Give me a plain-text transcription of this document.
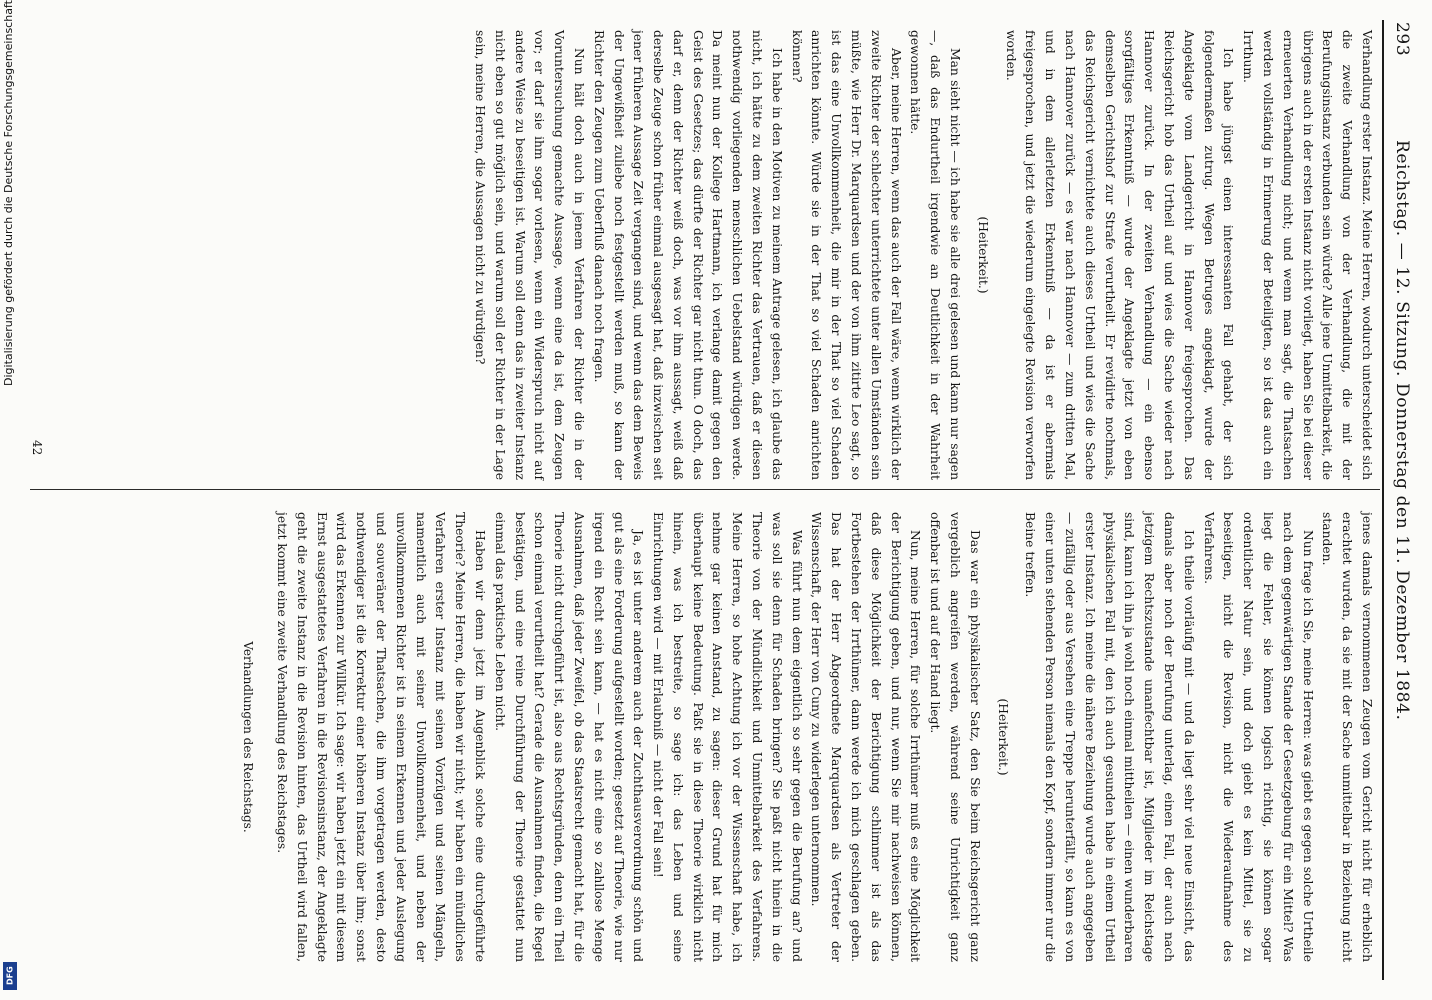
293
Reichstag. — 12. Sitzung. Donnerstag den 11. Dezember 1884.

Verhandlung erster Instanz. Meine Herren, wodurch unterscheidet sich die zweite Verhandlung von der Verhandlung, die mit der Berufungsinstanz verbunden sein würde? Alle jene Unmittelbarkeit, die übrigens auch in der ersten Instanz nicht vorliegt, haben Sie bei dieser erneuerten Verhandlung nicht; und wenn man sagt, die Thatsachen werden vollständig in Erinnerung der Beteiligten, so ist das auch ein Irrthum.

Ich habe jüngst einen interessanten Fall gehabt, der sich folgendermaßen zutrug. Wegen Betruges angeklagt, wurde der Angeklagte vom Landgericht in Hannover freigesprochen. Das Reichsgericht hob das Urtheil auf und wies die Sache wieder nach Hannover zurück. In der zweiten Verhandlung — ein ebenso sorgfältiges Erkenntniß — wurde der Angeklagte jetzt von eben demselben Gerichtshof zur Strafe verurtheilt. Er revidirte nochmals, das Reichsgericht vernichtete auch dieses Urtheil und wies die Sache nach Hannover zurück — es war nach Hannover — zum dritten Mal, und in dem allerletzten Erkenntniß — da ist er abermals freigesprochen, und jetzt die wiederum eingelegte Revision verworfen worden.

(Heiterkeit.)

Man sieht nicht — ich habe sie alle drei gelesen und kann nur sagen —, daß das Endurtheil irgendwie an Deutlichkeit in der Wahrheit gewonnen hätte.

Aber, meine Herren, wenn das auch der Fall wäre, wenn wirklich der zweite Richter der schlechter unterrichtete unter allen Umständen sein müßte, wie Herr Dr. Marquardsen und der von ihm zitirte Leo sagt, so ist das eine Unvollkommenheit, die mir in der That so viel Schaden anrichten könnte. Würde sie in der That so viel Schaden anrichten können?

Ich habe in den Motiven zu meinem Antrage gelesen, ich glaube das nicht, ich hätte zu dem zweiten Richter das Vertrauen, daß er diesen nothwendig vorliegenden menschlichen Uebelstand würdigen werde. Da meint nun der Kollege Hartmann, ich verlange damit gegen den Geist des Gesetzes; das dürfte der Richter gar nicht thun. O doch, das darf er, denn der Richter weiß doch, was vor ihm aussagt, weiß daß derselbe Zeuge schon früher einmal ausgesagt hat, daß inzwischen seit jener früheren Aussage Zeit vergangen sind, und wenn das dem Beweis der Ungewißheit zuliebe noch festgestellt werden muß, so kann der Richter den Zeugen zum Ueberfluß danach noch fragen.

Nun hält doch auch in jenem Verfahren der Richter die in der Voruntersuchung gemachte Aussage, wenn eine da ist, dem Zeugen vor; er darf sie ihm sogar vorlesen, wenn ein Widerspruch nicht auf andere Weise zu beseitigen ist. Warum soll denn das in zweiter Instanz nicht eben so gut möglich sein, und warum soll der Richter in der Lage sein, meine Herren, die Aussagen nicht zu würdigen?

jenes damals vernommenen Zeugen vom Gericht nicht für erheblich erachtet wurden, da sie mit der Sache unmittelbar in Beziehung nicht standen.

Nun frage ich Sie, meine Herren: was giebt es gegen solche Urtheile nach dem gegenwärtigen Stande der Gesetzgebung für ein Mittel? Was liegt die Fehler, sie können logisch richtig, sie können sogar ordentlicher Natur sein, und doch giebt es kein Mittel, sie zu beseitigen, nicht die Revision, nicht die Wiederaufnahme des Verfahrens.

Ich theile vorläufig mit — und da liegt sehr viel neue Einsicht, das damals aber noch der Berufung unterlag, einen Fall, der auch nach jetzigem Rechtszustande unanfechtbar ist, Mitglieder im Reichstage sind, kann ich ihn ja wohl noch einmal mittheilen — einen wunderbaren physikalischen Fall mit, den ich auch gesunden habe in einem Urtheil erster Instanz. Ich meine die nähere Beziehung wurde auch angegeben — zufällig oder aus Versehen eine Treppe herunterfällt, so kann es von einer unten stehenden Person niemals den Kopf, sondern immer nur die Beine treffen.

(Heiterkeit.)

Das war ein physikalischer Satz, den Sie beim Reichsgericht ganz vergeblich angreifen werden, während seine Unrichtigkeit ganz offenbar ist und auf der Hand liegt.

Nun, meine Herren, für solche Irrthümer muß es eine Möglichkeit der Berichtigung geben, und nur, wenn Sie mir nachweisen können, daß diese Möglichkeit der Berichtigung schlimmer ist als das Fortbestehen der Irrthümer, dann werde ich mich geschlagen geben. Das hat der Herr Abgeordnete Marquardsen als Vertreter der Wissenschaft, der Herr von Cuny zu widerlegen unternommen.

Was führt nun dem eigentlich so sehr gegen die Berufung an? und was soll sie denn für Schaden bringen? Sie paßt nicht hinein in die Theorie von der Mündlichkeit und Unmittelbarkeit des Verfahrens. Meine Herren, so hohe Achtung ich vor der Wissenschaft habe, ich nehme gar keinen Anstand, zu sagen: dieser Grund hat für mich überhaupt keine Bedeutung. Paßt sie in diese Theorie wirklich nicht hinein, was ich bestreite, so sage ich: das Leben und seine Einrichtungen wird — mit Erlaubniß — nicht der Fall sein!

Ja, es ist unter anderem auch der Zuchthausverordnung schön und gut als eine Forderung aufgestellt worden; gesetzt auf Theorie, wie nur irgend ein Recht sein kann, — hat es nicht eine so zahllose Menge Ausnahmen, daß jeder Zweifel, ob das Staatsrecht gemacht hat, für die Theorie nicht durchgeführt ist, also aus Rechtsgründen, denn ein Theil schon einmal verurtheilt hat? Gerade die Ausnahmen finden, die Regel bestätigen, und eine reine Durchführung der Theorie gestattet nun einmal das praktische Leben nicht.

Haben wir denn jetzt im Augenblick solche eine durchgeführte Theorie? Meine Herren, die haben wir nicht; wir haben ein mündliches Verfahren erster Instanz mit seinen Vorzügen und seinen Mängeln, namentlich auch mit seiner Unvollkommenheit, und neben der unvollkommenen Richter ist in seinem Erkennen und jeder Auslegung und souveräner der Thatsachen, die ihm vorgetragen werden, desto nothwendiger ist die Korrektur einer höheren Instanz über ihm; sonst wird das Erkennen zur Willkür. Ich sage: wir haben jetzt ein mit diesem Ernst ausgestattetes Verfahren in die Revisionsinstanz, der Angeklagte geht die zweite Instanz in die Revision hinten, das Urtheil wird fallen, jetzt kommt eine zweite Verhandlung des Reichstages.

Verhandlungen des Reichstags.
42
Digitalisierung gefördert durch die Deutsche Forschungsgemeinschaft
DFG
